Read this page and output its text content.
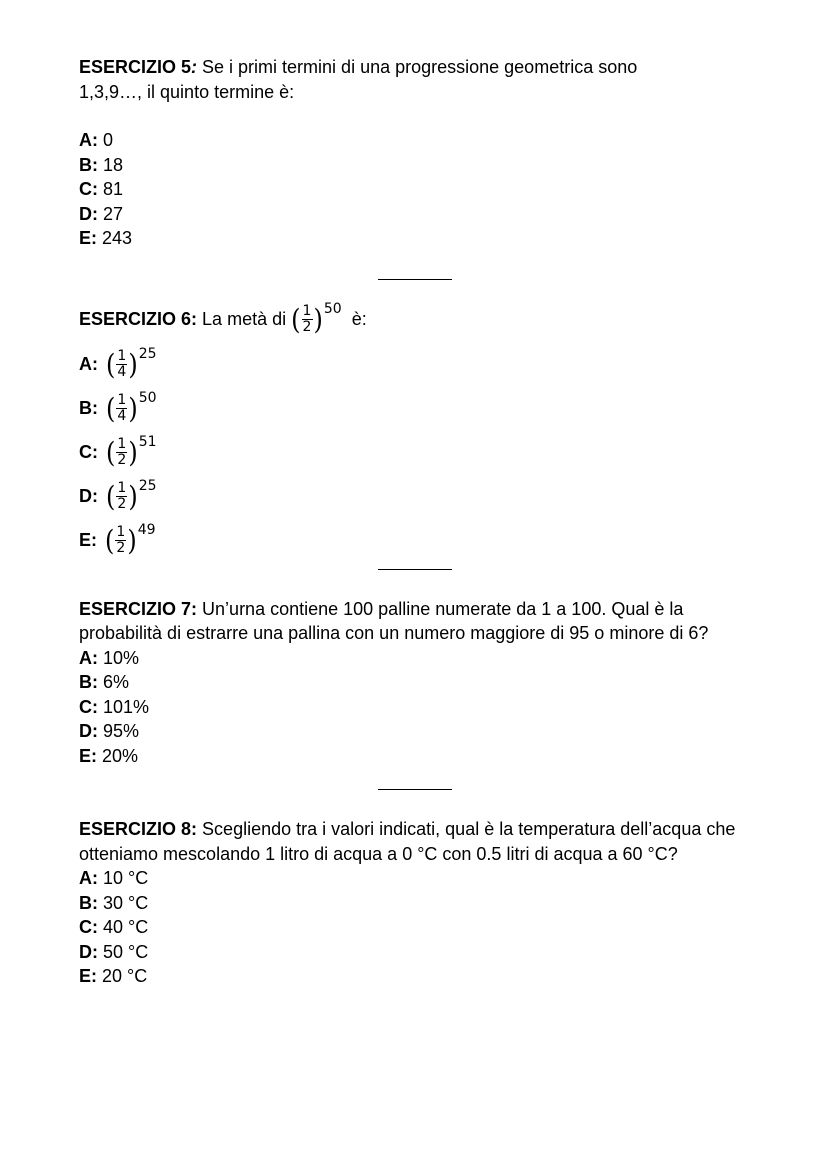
ESERCIZIO 5: Se i primi termini di una progressione geometrica sono
1,3,9…, il quinto termine è:
A: 0
B: 18
C: 81
D: 27
E: 243
ESERCIZIO 6:
La metà di
( $\frac{1}{2}$ ) 50

è:
A: ( $\frac{1}{4}$ ) 25
B: ( $\frac{1}{4}$ ) 50
C: ( $\frac{1}{2}$ ) 51
D: ( $\frac{1}{2}$ ) 25
E: ( $\frac{1}{2}$ ) 49
ESERCIZIO 7: Un’urna contiene 100 palline numerate da 1 a 100. Qual è la probabilità di estrarre una pallina con un numero maggiore di 95 o minore di 6?
A: 10%
B: 6%
C: 101%
D: 95%
E: 20%
ESERCIZIO 8: Scegliendo tra i valori indicati, qual è la temperatura dell’acqua che otteniamo mescolando 1 litro di acqua a 0 °C con 0.5 litri di acqua a 60 °C?
A: 10 °C
B: 30 °C
C: 40 °C
D: 50 °C
E: 20 °C
